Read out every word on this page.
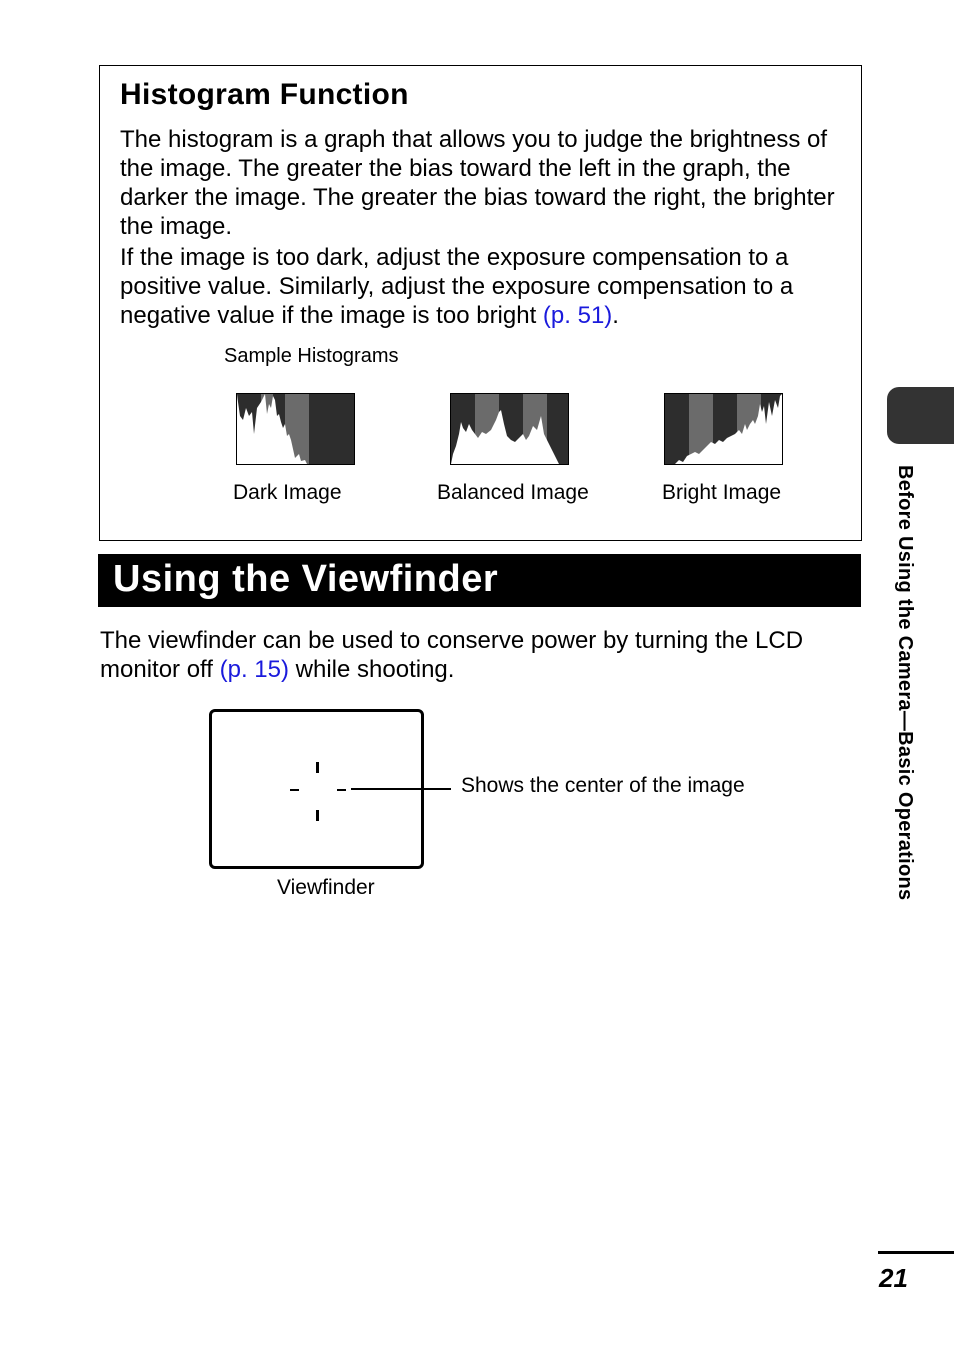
Histogram Function

The histogram is a graph that allows you to judge the brightness of the image. The greater the bias toward the left in the graph, the darker the image. The greater the bias toward the right, the brighter the image.

If the image is too dark, adjust the exposure compensation to a positive value. Similarly, adjust the exposure compensation to a negative value if the image is too bright (p. 51).

Sample Histograms
Dark Image	Balanced Image	Bright Image
Using the Viewfinder

The viewfinder can be used to conserve power by turning the LCD monitor off (p. 15) while shooting.

Shows the center of the image
Viewfinder	Before Using the Camera—Basic Operations
21
